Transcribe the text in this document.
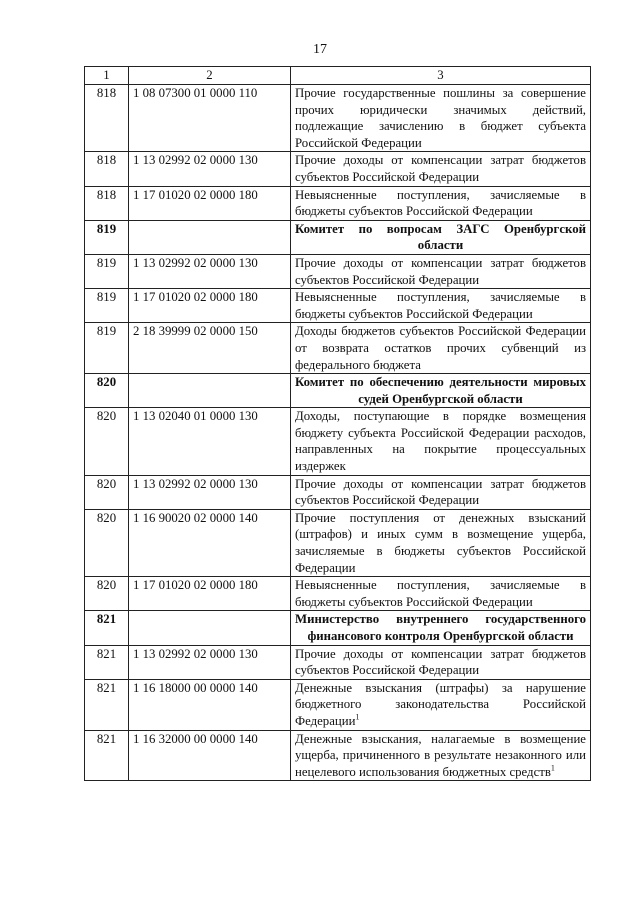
17
1	2	3
818	1 08 07300 01 0000 110	Прочие государственные пошлины за совершение прочих юридически значимых действий, подлежащие зачислению в бюджет субъекта Российской Федерации
818	1 13 02992 02 0000 130	Прочие доходы от компенсации затрат бюджетов субъектов Российской Федерации
818	1 17 01020 02 0000 180	Невыясненные поступления, зачисляемые в бюджеты субъектов Российской Федерации
819		Комитет по вопросам ЗАГС Оренбургской области
819	1 13 02992 02 0000 130	Прочие доходы от компенсации затрат бюджетов субъектов Российской Федерации
819	1 17 01020 02 0000 180	Невыясненные поступления, зачисляемые в бюджеты субъектов Российской Федерации
819	2 18 39999 02 0000 150	Доходы бюджетов субъектов Российской Федерации от возврата остатков прочих субвенций из федерального бюджета
820		Комитет по обеспечению деятельности мировых судей Оренбургской области
820	1 13 02040 01 0000 130	Доходы, поступающие в порядке возмещения бюджету субъекта Российской Федерации расходов, направленных на покрытие процессуальных издержек
820	1 13 02992 02 0000 130	Прочие доходы от компенсации затрат бюджетов субъектов Российской Федерации
820	1 16 90020 02 0000 140	Прочие поступления от денежных взысканий (штрафов) и иных сумм в возмещение ущерба, зачисляемые в бюджеты субъектов Российской Федерации
820	1 17 01020 02 0000 180	Невыясненные поступления, зачисляемые в бюджеты субъектов Российской Федерации
821		Министерство внутреннего государственного финансового контроля Оренбургской области
821	1 13 02992 02 0000 130	Прочие доходы от компенсации затрат бюджетов субъектов Российской Федерации
821	1 16 18000 00 0000 140	Денежные взыскания (штрафы) за нарушение бюджетного законодательства Российской Федерации$^1$
821	1 16 32000 00 0000 140	Денежные взыскания, налагаемые в возмещение ущерба, причиненного в результате незаконного или нецелевого использования бюджетных средств$^1$
